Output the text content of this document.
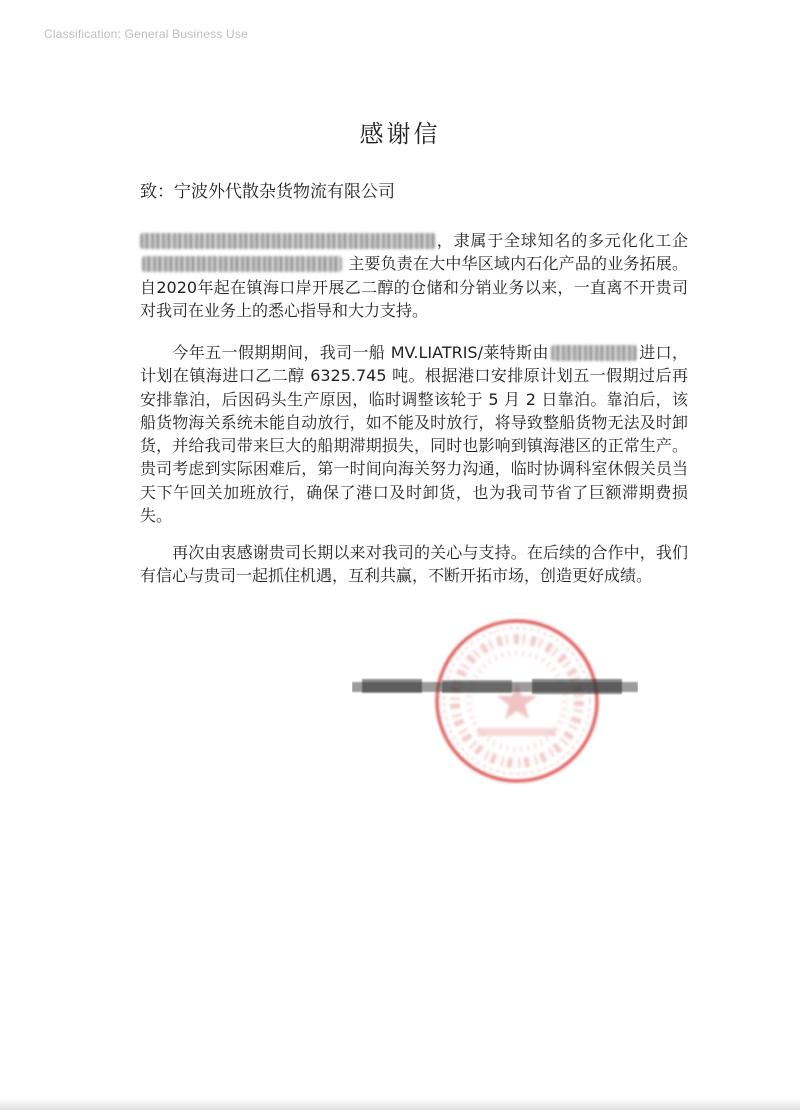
Classification: General Business Use
感谢信
致：宁波外代散杂货物流有限公司
，隶属于全球知名的多元化化工企主要负责在大中华区域内石化产品的业务拓展。自2020年起在镇海口岸开展乙二醇的仓储和分销业务以来，一直离不开贵司对我司在业务上的悉心指导和大力支持。
今年五一假期期间，我司一船 MV.LIATRIS/莱特斯由	进口，计划在镇海进口乙二醇 6325.745 吨。根据港口安排原计划五一假期过后再安排靠泊，后因码头生产原因，临时调整该轮于 5 月 2 日靠泊。靠泊后，该船货物海关系统未能自动放行，如不能及时放行，将导致整船货物无法及时卸货，并给我司带来巨大的船期滞期损失，同时也影响到镇海港区的正常生产。贵司考虑到实际困难后，第一时间向海关努力沟通，临时协调科室休假关员当天下午回关加班放行，确保了港口及时卸货，也为我司节省了巨额滞期费损失。
再次由衷感谢贵司长期以来对我司的关心与支持。在后续的合作中，我们有信心与贵司一起抓住机遇，互利共赢，不断开拓市场，创造更好成绩。
